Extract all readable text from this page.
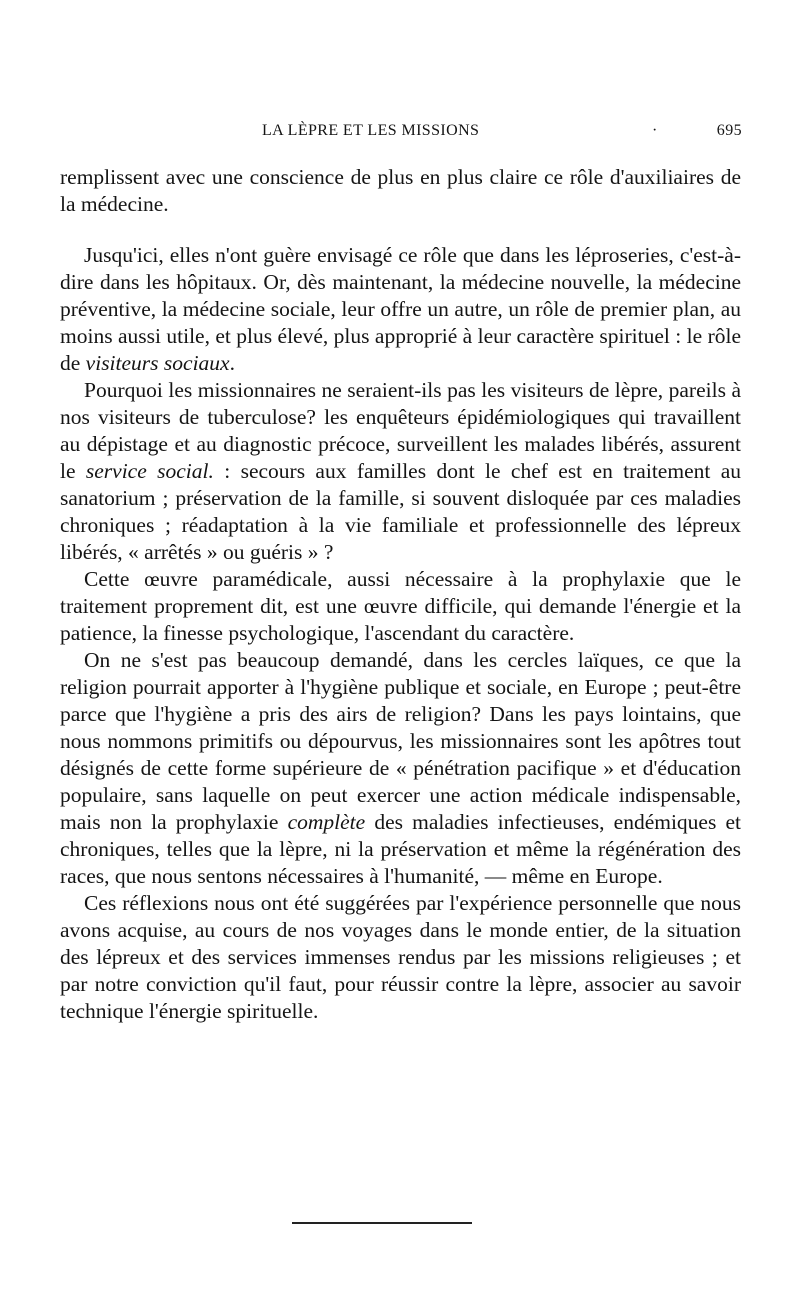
LA LÈPRE ET LES MISSIONS	·	695

remplissent avec une conscience de plus en plus claire ce rôle d'auxiliaires de la médecine.

Jusqu'ici, elles n'ont guère envisagé ce rôle que dans les léproseries, c'est-à-dire dans les hôpitaux. Or, dès maintenant, la médecine nouvelle, la médecine préventive, la médecine sociale, leur offre un autre, un rôle de premier plan, au moins aussi utile, et plus élevé, plus approprié à leur caractère spirituel : le rôle de visiteurs sociaux.

Pourquoi les missionnaires ne seraient-ils pas les visiteurs de lèpre, pareils à nos visiteurs de tuberculose? les enquêteurs épidémiologiques qui travaillent au dépistage et au diagnostic précoce, surveillent les malades libérés, assurent le service social. : secours aux familles dont le chef est en traitement au sanatorium ; préservation de la famille, si souvent disloquée par ces maladies chroniques ; réadaptation à la vie familiale et professionnelle des lépreux libérés, « arrêtés » ou guéris » ?

Cette œuvre paramédicale, aussi nécessaire à la prophylaxie que le traitement proprement dit, est une œuvre difficile, qui demande l'énergie et la patience, la finesse psychologique, l'ascendant du caractère.

On ne s'est pas beaucoup demandé, dans les cercles laïques, ce que la religion pourrait apporter à l'hygiène publique et sociale, en Europe ; peut-être parce que l'hygiène a pris des airs de religion? Dans les pays lointains, que nous nommons primitifs ou dépourvus, les missionnaires sont les apôtres tout désignés de cette forme supérieure de « pénétration pacifique » et d'éducation populaire, sans laquelle on peut exercer une action médicale indispensable, mais non la prophylaxie complète des maladies infectieuses, endémiques et chroniques, telles que la lèpre, ni la préservation et même la régénération des races, que nous sentons nécessaires à l'humanité, — même en Europe.

Ces réflexions nous ont été suggérées par l'expérience personnelle que nous avons acquise, au cours de nos voyages dans le monde entier, de la situation des lépreux et des services immenses rendus par les missions religieuses ; et par notre conviction qu'il faut, pour réussir contre la lèpre, associer au savoir technique l'énergie spirituelle.
